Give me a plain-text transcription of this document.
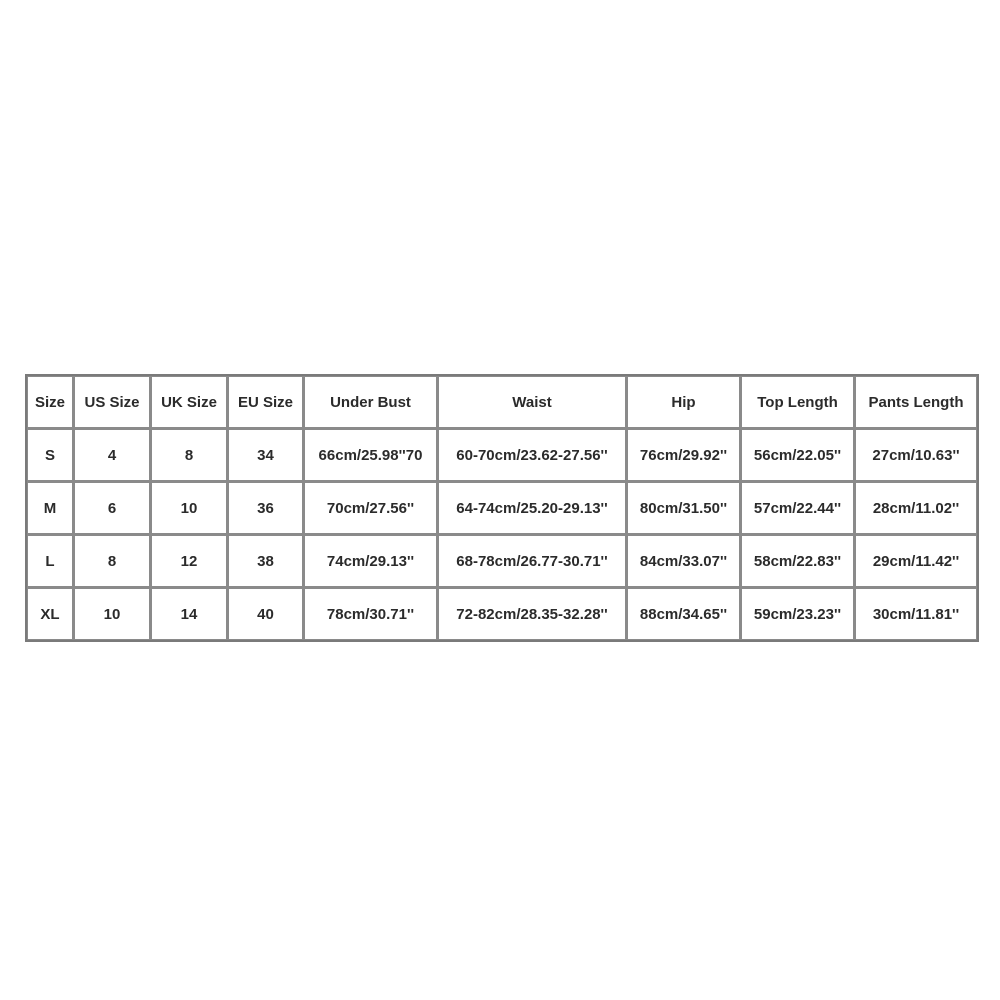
Size	US Size	UK Size	EU Size	Under Bust	Waist	Hip	Top Length	Pants Length
S	4	8	34	66cm/25.98''70	60-70cm/23.62-27.56''	76cm/29.92''	56cm/22.05''	27cm/10.63''
M	6	10	36	70cm/27.56''	64-74cm/25.20-29.13''	80cm/31.50''	57cm/22.44''	28cm/11.02''
L	8	12	38	74cm/29.13''	68-78cm/26.77-30.71''	84cm/33.07''	58cm/22.83''	29cm/11.42''
XL	10	14	40	78cm/30.71''	72-82cm/28.35-32.28''	88cm/34.65''	59cm/23.23''	30cm/11.81''
